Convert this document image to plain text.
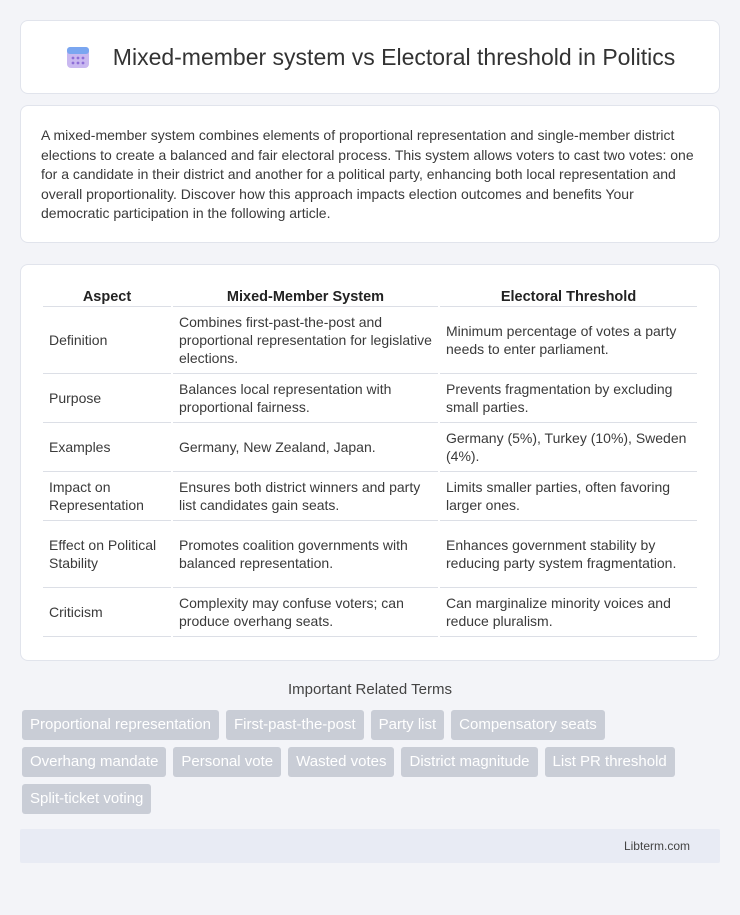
Mixed-member system vs Electoral threshold in Politics

A mixed-member system combines elements of proportional representation and single-member district elections to create a balanced and fair electoral process. This system allows voters to cast two votes: one for a candidate in their district and another for a political party, enhancing both local representation and overall proportionality. Discover how this approach impacts election outcomes and benefits Your democratic participation in the following article.

Aspect	Mixed-Member System	Electoral Threshold
Definition	Combines first-past-the-post and proportional representation for legislative elections.	Minimum percentage of votes a party needs to enter parliament.
Purpose	Balances local representation with proportional fairness.	Prevents fragmentation by excluding small parties.
Examples	Germany, New Zealand, Japan.	Germany (5%), Turkey (10%), Sweden (4%).
Impact on Representation	Ensures both district winners and party list candidates gain seats.	Limits smaller parties, often favoring larger ones.
Effect on Political Stability	Promotes coalition governments with balanced representation.	Enhances government stability by reducing party system fragmentation.
Criticism	Complexity may confuse voters; can produce overhang seats.	Can marginalize minority voices and reduce pluralism.
Important Related Terms
Proportional representation	First-past-the-post	Party list	Compensatory seats
Overhang mandate	Personal vote	Wasted votes	District magnitude	List PR threshold
Split-ticket voting
Libterm.com
